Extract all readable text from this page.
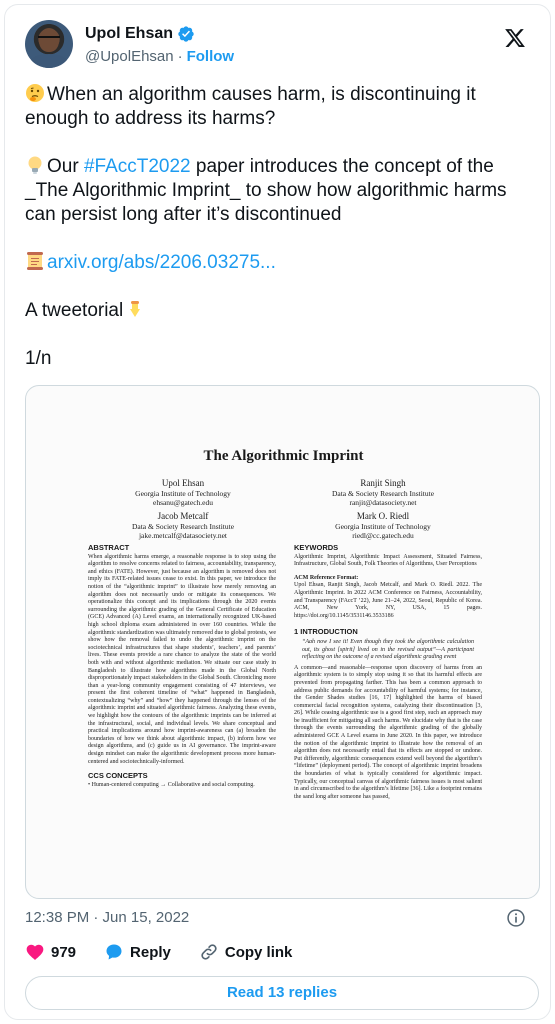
Upol Ehsan
@UpolEhsan · Follow

When an algorithm causes harm, is discontinuing it enough to address its harms?

Our #FAccT2022 paper introduces the concept of the _The Algorithmic Imprint_ to show how algorithmic harms can persist long after it’s discontinued

arxiv.org/abs/2206.03275...

A tweetorial

1/n

The Algorithmic Imprint
Upol Ehsan
Georgia Institute of Technology
ehsanu@gatech.edu
Ranjit Singh
Data & Society Research Institute
ranjit@datasociety.net
Jacob Metcalf
Data & Society Research Institute
jake.metcalf@datasociety.net
Mark O. Riedl
Georgia Institute of Technology
riedl@cc.gatech.edu
ABSTRACT
When algorithmic harms emerge, a reasonable response is to stop using the algorithm to resolve concerns related to fairness, accountability, transparency, and ethics (FATE). However, just because an algorithm is removed does not imply its FATE-related issues cease to exist. In this paper, we introduce the notion of the “algorithmic imprint” to illustrate how merely removing an algorithm does not necessarily undo or mitigate its consequences. We operationalize this concept and its implications through the 2020 events surrounding the algorithmic grading of the General Certificate of Education (GCE) Advanced (A) Level exams, an internationally recognized UK-based high school diploma exam administered in over 160 countries. While the algorithmic standardization was ultimately removed due to global protests, we show how the removal failed to undo the algorithmic imprint on the sociotechnical infrastructures that shape students’, teachers’, and parents’ lives. These events provide a rare chance to analyze the state of the world both with and without algorithmic mediation. We situate our case study in Bangladesh to illustrate how algorithms made in the Global North disproportionately impact stakeholders in the Global South. Chronicling more than a year-long community engagement consisting of 47 interviews, we present the first coherent timeline of “what” happened in Bangladesh, contextualizing “why” and “how” they happened through the lenses of the algorithmic imprint and situated algorithmic fairness. Analyzing these events, we highlight how the contours of the algorithmic imprints can be inferred at the infrastructural, social, and individual levels. We share conceptual and practical implications around how imprint-awareness can (a) broaden the boundaries of how we think about algorithmic impact, (b) inform how we design algorithms, and (c) guide us in AI governance. The imprint-aware design mindset can make the algorithmic development process more human-centered and sociotechnically-informed.
CCS CONCEPTS
• Human-centered computing → Collaborative and social computing.
KEYWORDS
Algorithmic Imprint, Algorithmic Impact Assessment, Situated Fairness, Infrastructure, Global South, Folk Theories of Algorithms, User Perceptions
ACM Reference Format:
Upol Ehsan, Ranjit Singh, Jacob Metcalf, and Mark O. Riedl. 2022. The Algorithmic Imprint. In 2022 ACM Conference on Fairness, Accountability, and Transparency (FAccT ’22), June 21–24, 2022, Seoul, Republic of Korea. ACM, New York, NY, USA, 15 pages. https://doi.org/10.1145/3531146.3533186
1 INTRODUCTION
“Aah now I see it! Even though they took the algorithmic calculation out, its ghost [spirit] lived on in the revised output”—A participant reflecting on the outcome of a revised algorithmic grading event
A common—and reasonable—response upon discovery of harms from an algorithmic system is to simply stop using it so that its harmful effects are prevented from propagating farther. This has been a common approach to address public demands for accountability of harmful systems; for instance, the Gender Shades studies [16, 17] highlighted the harms of biased commercial facial recognition systems, catalyzing their discontinuation [3, 26]. While ceasing algorithmic use is a good first step, such an approach may be insufficient for mitigating all such harms. We elucidate why that is the case through the events surrounding the algorithmic grading of the globally administered GCE A Level exams in June 2020. In this paper, we introduce the notion of the algorithmic imprint to illustrate how the removal of an algorithm does not necessarily entail that its effects are stopped or undone. Put differently, algorithmic consequences extend well beyond the algorithm’s “lifetime” (deployment period). The concept of algorithmic imprint broadens the boundaries of what is typically considered for algorithmic impact. Typically, our conceptual canvas of algorithmic fairness issues is most salient in and circumscribed to the algorithm’s lifetime [36]. Like a footprint remains the sand long after someone has passed,
12:38 PM · Jun 15, 2022
979	Reply	Copy link
Read 13 replies
